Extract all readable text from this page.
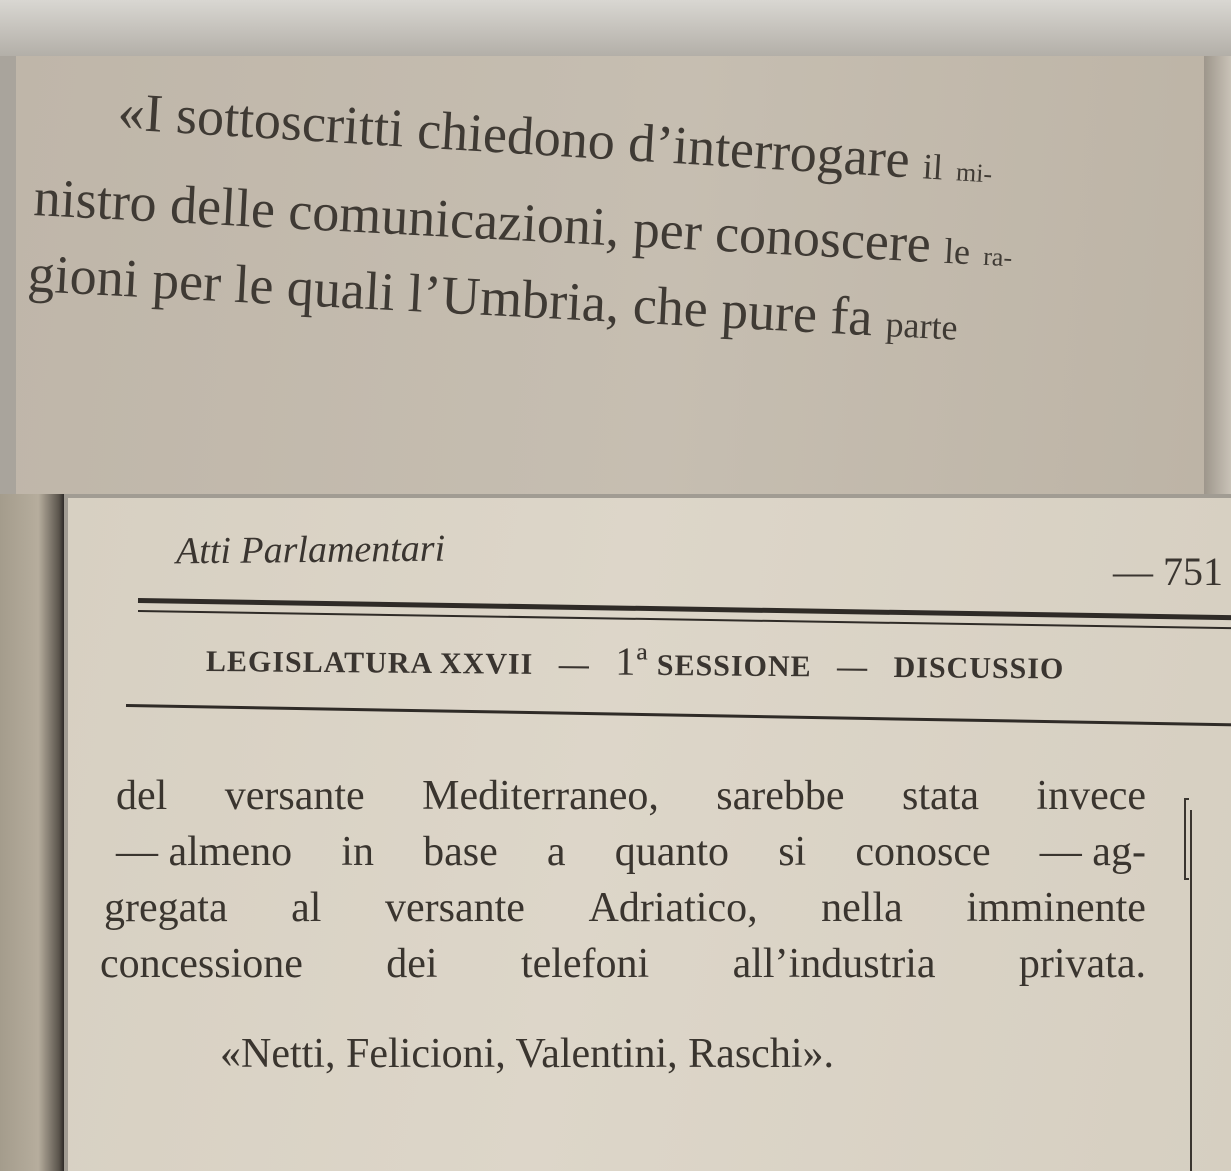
«I sottoscritti chiedono d’interrogare il mi-
nistro delle comunicazioni, per conoscere le ra-
gioni per le quali l’Umbria, che pure fa parte
Atti Parlamentari	— 751
LEGISLATURA XXVII — 1ª SESSIONE — DISCUSSIO
del versante Mediterraneo, sarebbe stata invece
— almeno in base a quanto si conosce — ag-
gregata al versante Adriatico, nella imminente
concessione dei telefoni all’industria privata.
«Netti, Felicioni, Valentini, Raschi».
